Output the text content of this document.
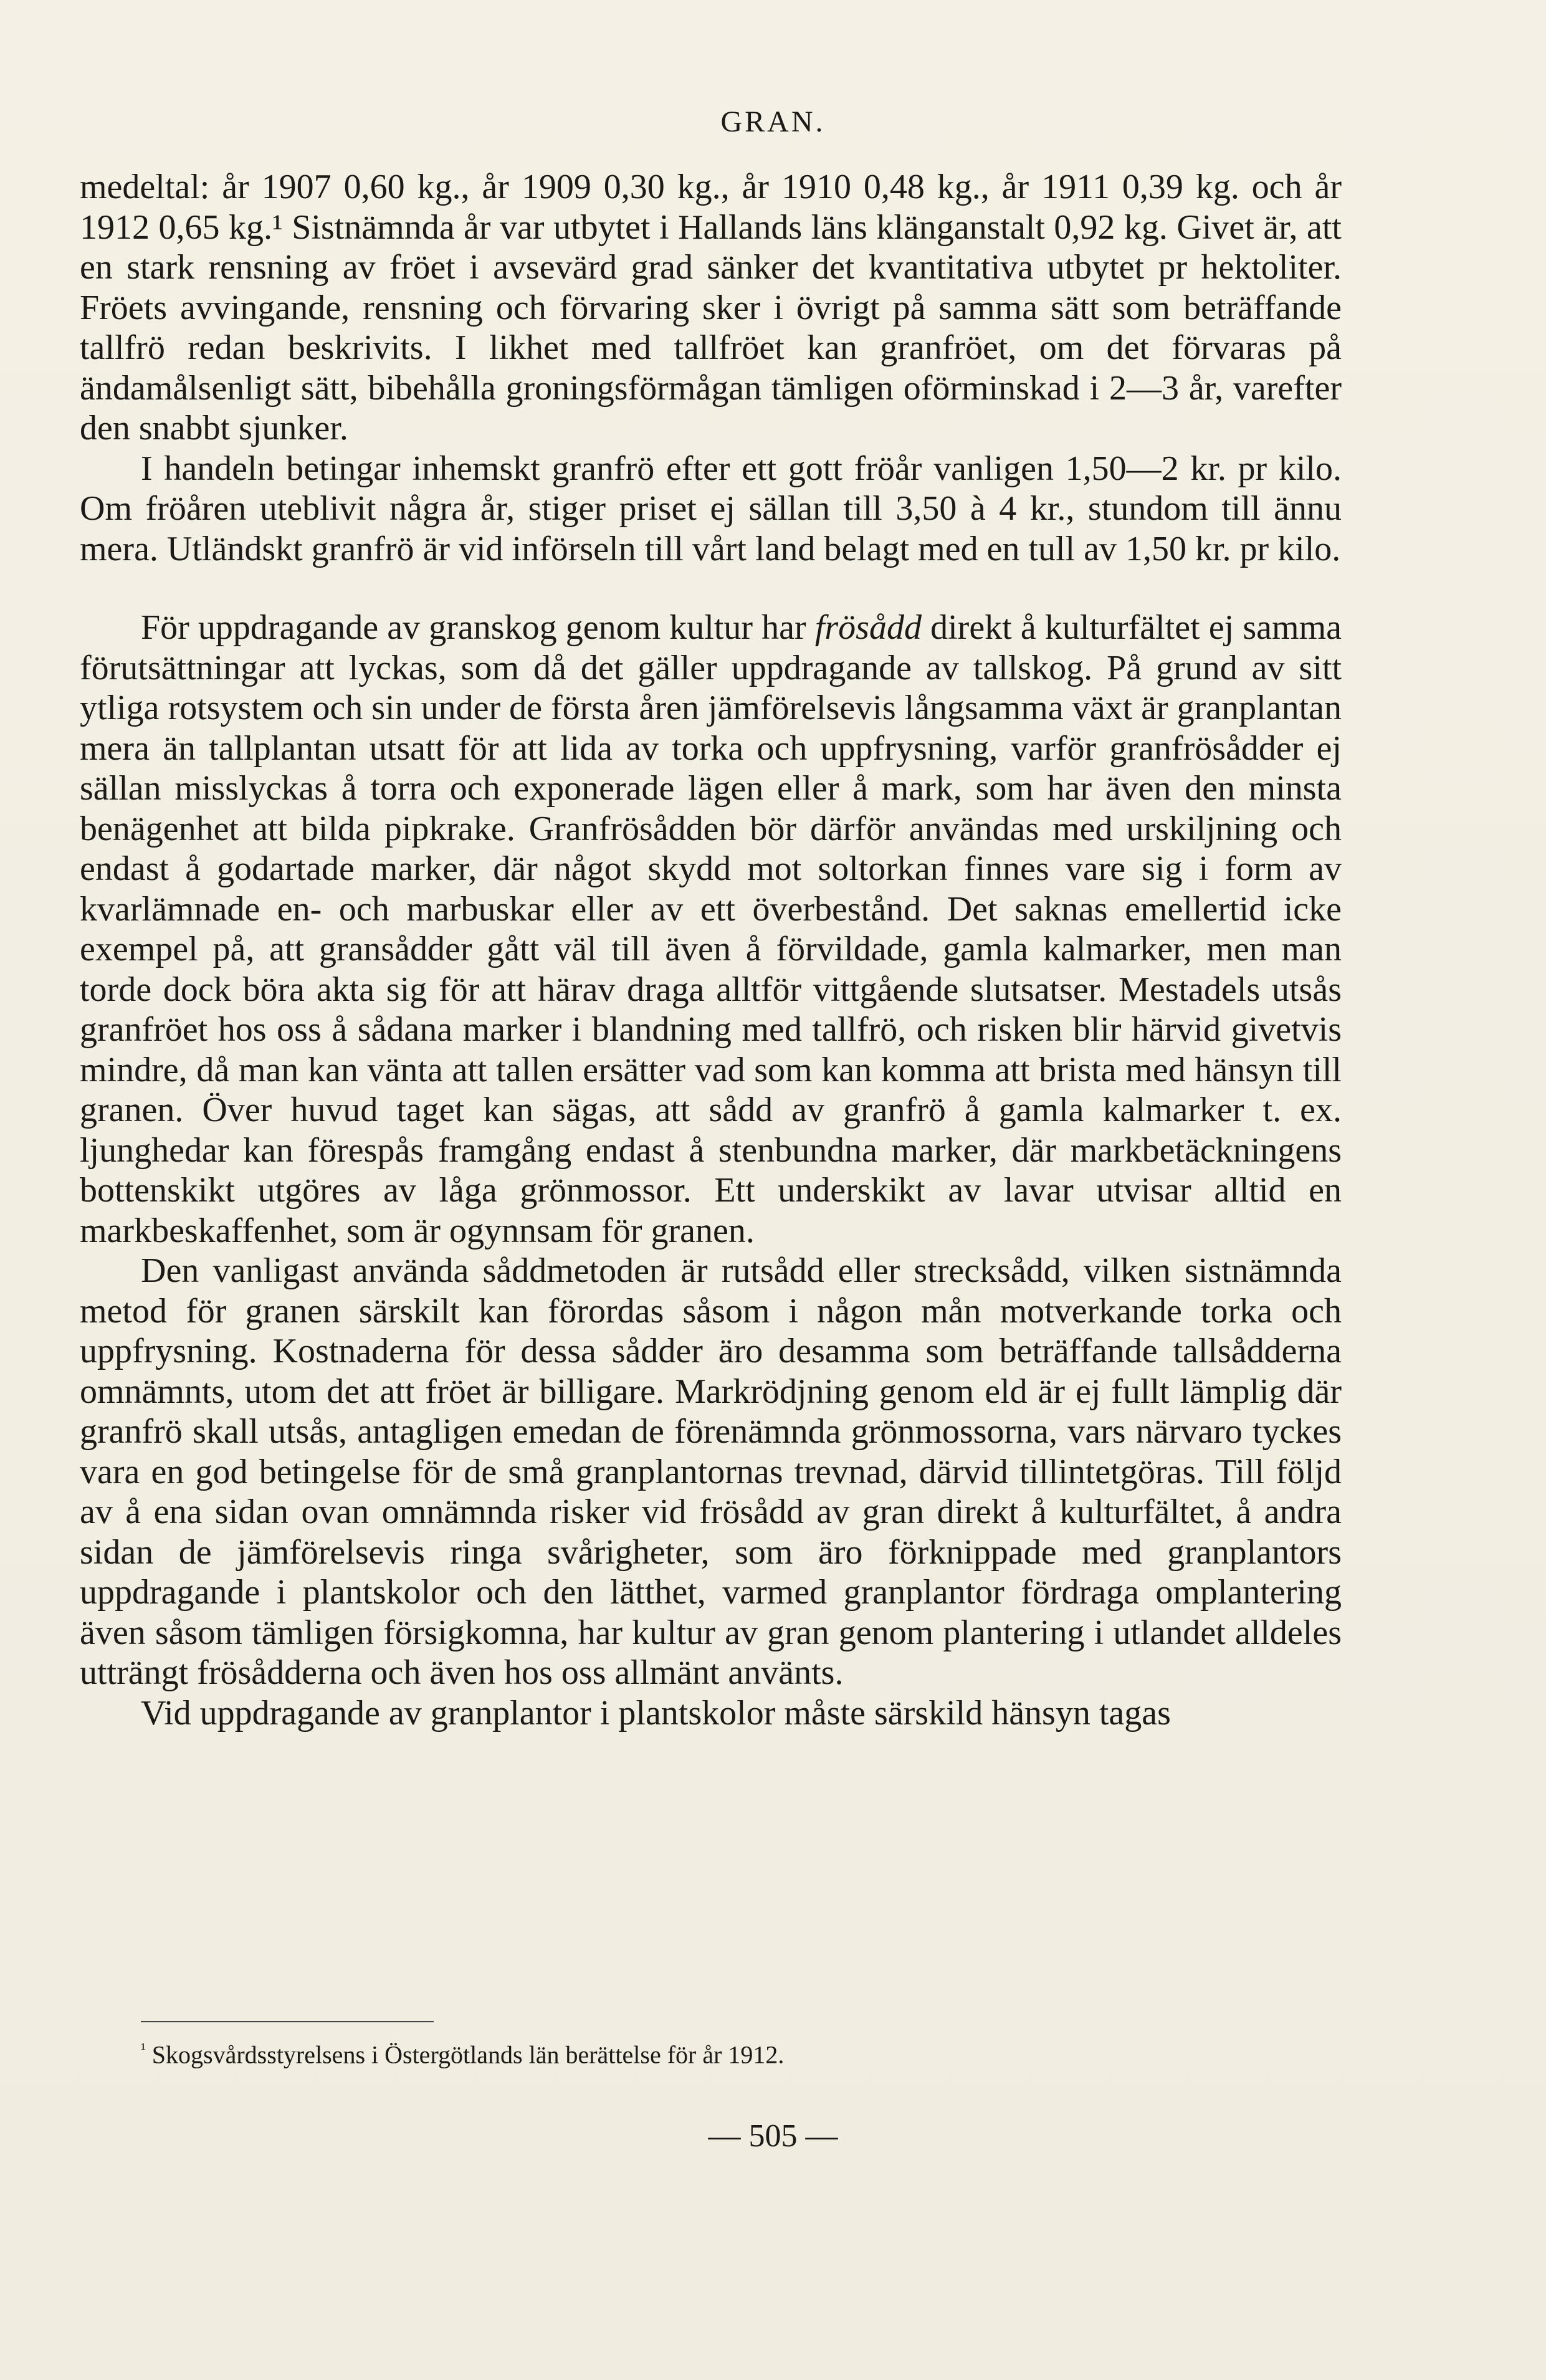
GRAN.

medeltal: år 1907 0,60 kg., år 1909 0,30 kg., år 1910 0,48 kg., år 1911 0,39 kg. och år 1912 0,65 kg.¹ Sistnämnda år var utbytet i Hallands läns klänganstalt 0,92 kg. Givet är, att en stark rensning av fröet i avsevärd grad sänker det kvantitativa utbytet pr hektoliter. Fröets avvingande, rensning och förvaring sker i övrigt på samma sätt som beträffande tallfrö redan beskrivits. I likhet med tallfröet kan granfröet, om det förvaras på ändamålsenligt sätt, bibehålla groningsförmågan tämligen oförminskad i 2—3 år, varefter den snabbt sjunker.

I handeln betingar inhemskt granfrö efter ett gott fröår vanligen 1,50—2 kr. pr kilo. Om fröåren uteblivit några år, stiger priset ej sällan till 3,50 à 4 kr., stundom till ännu mera. Utländskt granfrö är vid införseln till vårt land belagt med en tull av 1,50 kr. pr kilo.

För uppdragande av granskog genom kultur har frösådd direkt å kulturfältet ej samma förutsättningar att lyckas, som då det gäller uppdragande av tallskog. På grund av sitt ytliga rotsystem och sin under de första åren jämförelsevis långsamma växt är granplantan mera än tallplantan utsatt för att lida av torka och uppfrysning, varför granfrösådder ej sällan misslyckas å torra och exponerade lägen eller å mark, som har även den minsta benägenhet att bilda pipkrake. Granfrösådden bör därför användas med urskiljning och endast å godartade marker, där något skydd mot soltorkan finnes vare sig i form av kvarlämnade en- och marbuskar eller av ett överbestånd. Det saknas emellertid icke exempel på, att gransådder gått väl till även å förvildade, gamla kalmarker, men man torde dock böra akta sig för att härav draga alltför vittgående slutsatser. Mestadels utsås granfröet hos oss å sådana marker i blandning med tallfrö, och risken blir härvid givetvis mindre, då man kan vänta att tallen ersätter vad som kan komma att brista med hänsyn till granen. Över huvud taget kan sägas, att sådd av granfrö å gamla kalmarker t. ex. ljunghedar kan förespås framgång endast å stenbundna marker, där markbetäckningens bottenskikt utgöres av låga grönmossor. Ett underskikt av lavar utvisar alltid en markbeskaffenhet, som är ogynnsam för granen.

Den vanligast använda såddmetoden är rutsådd eller strecksådd, vilken sistnämnda metod för granen särskilt kan förordas såsom i någon mån motverkande torka och uppfrysning. Kostnaderna för dessa sådder äro desamma som beträffande tallsådderna omnämnts, utom det att fröet är billigare. Markrödjning genom eld är ej fullt lämplig där granfrö skall utsås, antagligen emedan de förenämnda grönmossorna, vars närvaro tyckes vara en god betingelse för de små granplantornas trevnad, därvid tillintetgöras. Till följd av å ena sidan ovan omnämnda risker vid frösådd av gran direkt å kulturfältet, å andra sidan de jämförelsevis ringa svårigheter, som äro förknippade med granplantors uppdragande i plantskolor och den lätthet, varmed granplantor fördraga omplantering även såsom tämligen försigkomna, har kultur av gran genom plantering i utlandet alldeles utträngt frösådderna och även hos oss allmänt använts.

Vid uppdragande av granplantor i plantskolor måste särskild hänsyn tagas

$^{^1}$ Skogsvårdsstyrelsens i Östergötlands län berättelse för år 1912.
— 505 —
